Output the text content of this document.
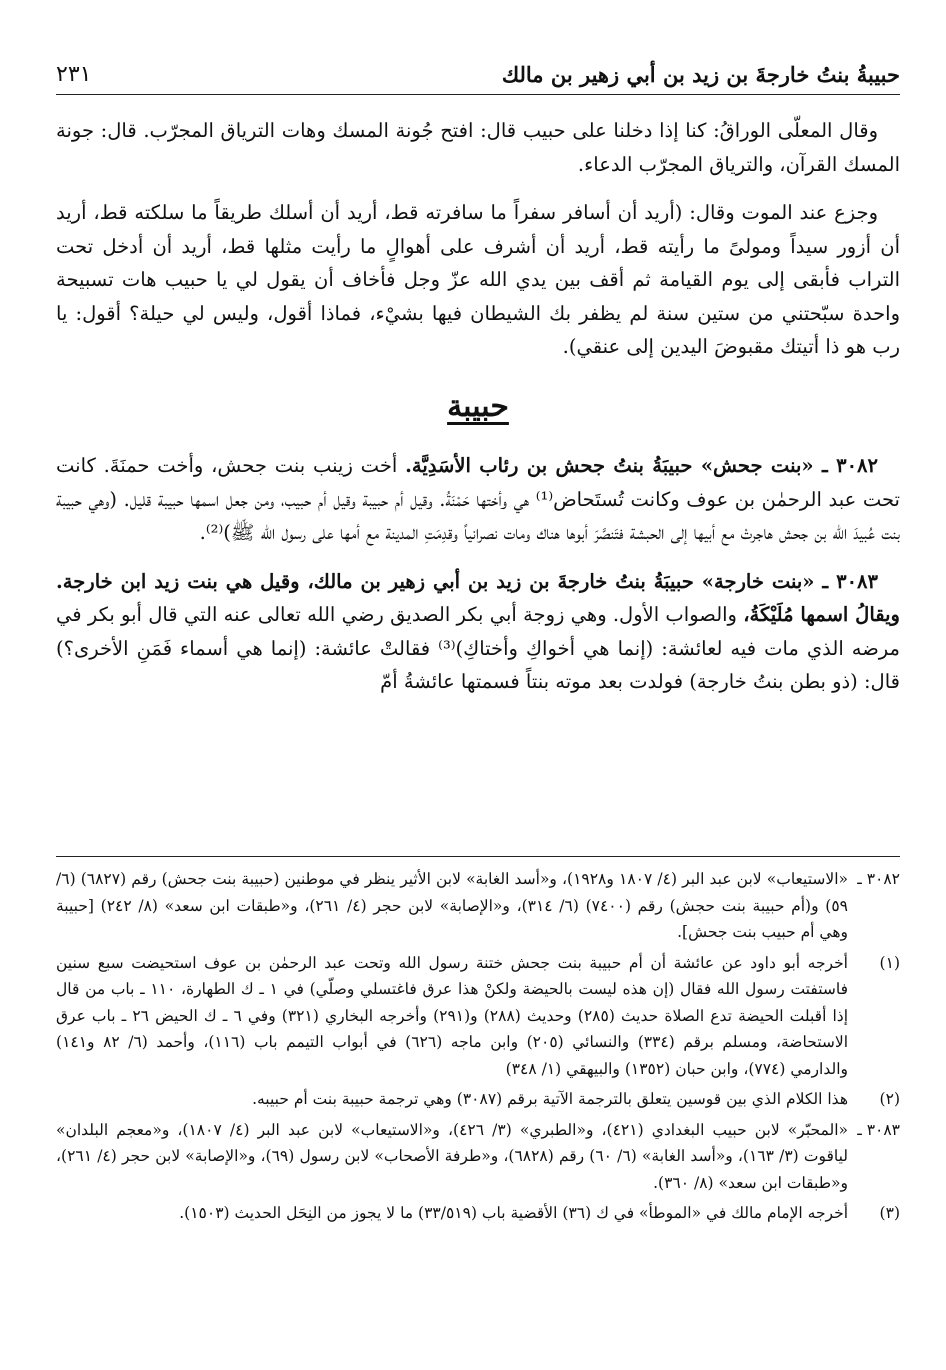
حبيبةُ بنتُ خارجةَ بن زيد بن أبي زهير بن مالك
٢٣١

وقال المعلّى الوراقُ: كنا إذا دخلنا على حبيب قال: افتح جُونة المسك وهات الترياق المجرّب. قال: جونة المسك القرآن، والترياق المجرّب الدعاء.

وجزع عند الموت وقال: (أريد أن أسافر سفراً ما سافرته قط، أريد أن أسلك طريقاً ما سلكته قط، أريد أن أزور سيداً ومولىً ما رأيته قط، أريد أن أشرف على أهوالٍ ما رأيت مثلها قط، أريد أن أدخل تحت التراب فأبقى إلى يوم القيامة ثم أقف بين يدي الله عزّ وجل فأخاف أن يقول لي يا حبيب هات تسبيحة واحدة سبّحتني من ستين سنة لم يظفر بك الشيطان فيها بشيْء، فماذا أقول، وليس لي حيلة؟ أقول: يا رب هو ذا أتيتك مقبوضَ اليدين إلى عنقي).

حبيبة

٣٠٨٢ ـ «بنت جحش» حبيبَةُ بنتُ جحش بن رئاب الأسَدِيَّة. أخت زينب بنت جحش، وأخت حمنَةَ. كانت تحت عبد الرحمٰن بن عوف وكانت تُستَحاض⁽¹⁾ هي وأختها حَمْنَةُ. وقيل أم حبيبة وقيل أم حبيب، ومن جعل اسمها حبيبة قليل. (وهي حبيبة بنت عُبيدَ الله بن جحش هاجرتْ مع أبيها إلى الحبشة فتَنصَّرَ أبوها هناك ومات نصرانياً وقدِمَتِ المدينة مع أمها على رسول الله ﷺ)⁽²⁾.

٣٠٨٣ ـ «بنت خارجة» حبيبَةُ بنتُ خارجةَ بن زيد بن أبي زهير بن مالك، وقيل هي بنت زيد ابن خارجة. ويقالُ اسمها مُلَيْكَةُ، والصواب الأول. وهي زوجة أبي بكر الصديق رضي الله تعالى عنه التي قال أبو بكر في مرضه الذي مات فيه لعائشة: (إنما هي أخواكِ وأختاكِ)⁽³⁾ فقالتْ عائشة: (إنما هي أسماء فَمَنِ الأخرى؟) قال: (ذو بطن بنتُ خارجة) فولدت بعد موته بنتاً فسمتها عائشةُ أمّ

٣٠٨٢ ـ
«الاستيعاب» لابن عبد البر (٤/ ١٨٠٧ و١٩٢٨)، و«أسد الغابة» لابن الأثير ينظر في موطنين (حبيبة بنت جحش) رقم (٦٨٢٧) (٦/ ٥٩) و(أم حبيبة بنت حجش) رقم (٧٤٠٠) (٦/ ٣١٤)، و«الإصابة» لابن حجر (٤/ ٢٦١)، و«طبقات ابن سعد» (٨/ ٢٤٢) [حبيبة وهي أم حبيب بنت جحش].
(١)
أخرجه أبو داود عن عائشة أن أم حبيبة بنت جحش ختنة رسول الله وتحت عبد الرحمٰن بن عوف استحيضت سبع سنين فاستفتت رسول الله فقال (إن هذه ليست بالحيضة ولكنْ هذا عرق فاغتسلي وصلّي) في ١ ـ ك الطهارة، ١١٠ ـ باب من قال إذا أقبلت الحيضة تدع الصلاة حديث (٢٨٥) وحديث (٢٨٨) و(٢٩١) وأخرجه البخاري (٣٢١) وفي ٦ ـ ك الحيض ٢٦ ـ باب عرق الاستحاضة، ومسلم برقم (٣٣٤) والنسائي (٢٠٥) وابن ماجه (٦٢٦) في أبواب التيمم باب (١١٦)، وأحمد (٦/ ٨٢ و١٤١) والدارمي (٧٧٤)، وابن حبان (١٣٥٢) والبيهقي (١/ ٣٤٨)
(٢)
هذا الكلام الذي بين قوسين يتعلق بالترجمة الآتية برقم (٣٠٨٧) وهي ترجمة حبيبة بنت أم حبيبه.
٣٠٨٣ ـ
«المحبّر» لابن حبيب البغدادي (٤٢١)، و«الطبري» (٣/ ٤٢٦)، و«الاستيعاب» لابن عبد البر (٤/ ١٨٠٧)، و«معجم البلدان» لياقوت (٣/ ١٦٣)، و«أسد الغابة» (٦/ ٦٠) رقم (٦٨٢٨)، و«طرفة الأصحاب» لابن رسول (٦٩)، و«الإصابة» لابن حجر (٤/ ٢٦١)، و«طبقات ابن سعد» (٨/ ٣٦٠).
(٣)
أخرجه الإمام مالك في «الموطأ» في ك (٣٦) الأقضية باب (٣٣/٥١٩) ما لا يجوز من النِحَل الحديث (١٥٠٣).
